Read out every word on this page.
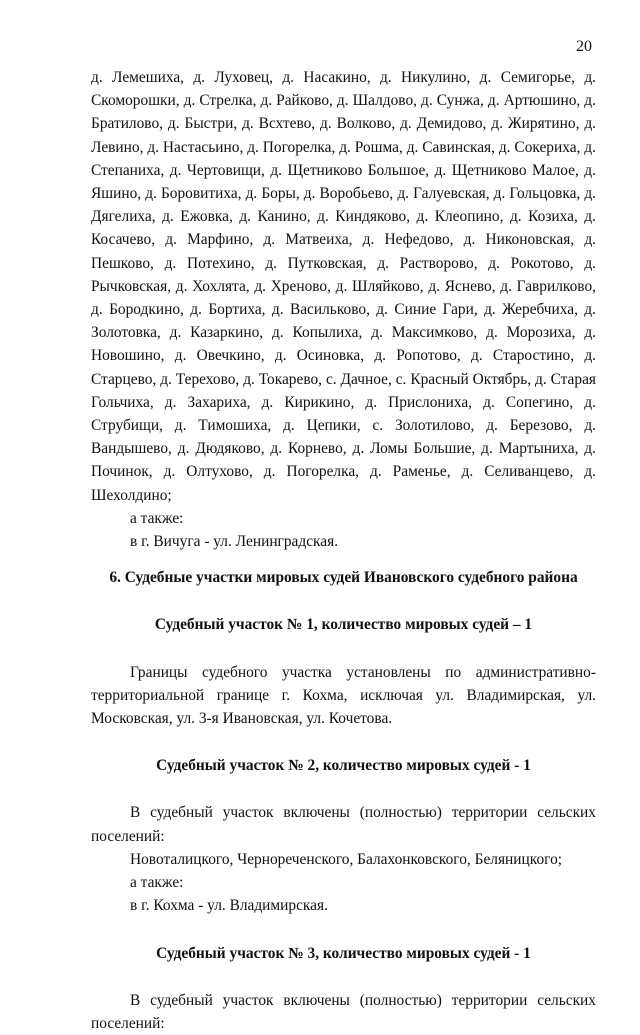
20

д. Лемешиха, д. Луховец, д. Насакино, д. Никулино, д. Семигорье, д. Скоморошки, д. Стрелка, д. Райково, д. Шалдово, д. Сунжа, д. Артюшино, д. Братилово, д. Быстри, д. Всхтево, д. Волково, д. Демидово, д. Жирятино, д. Левино, д. Настасьино, д. Погорелка, д. Рошма, д. Савинская, д. Сокериха, д. Степаниха, д. Чертовищи, д. Щетниково Большое, д. Щетниково Малое, д. Яшино, д. Боровитиха, д. Боры, д. Воробьево, д. Галуевская, д. Гольцовка, д. Дягелиха, д. Ежовка, д. Канино, д. Киндяково, д. Клеопино, д. Козиха, д. Косачево, д. Марфино, д. Матвеиха, д. Нефедово, д. Никоновская, д. Пешково, д. Потехино, д. Путковская, д. Растворово, д. Рокотово, д. Рычковская, д. Хохлята, д. Хреново, д. Шляйково, д. Яснево, д. Гаврилково, д. Бородкино, д. Бортиха, д. Васильково, д. Синие Гари, д. Жеребчиха, д. Золотовка, д. Казаркино, д. Копылиха, д. Максимково, д. Морозиха, д. Новошино, д. Овечкино, д. Осиновка, д. Ропотово, д. Старостино, д. Старцево, д. Терехово, д. Токарево, с. Дачное, с. Красный Октябрь, д. Старая Гольчиха, д. Захариха, д. Кирикино, д. Прислониха, д. Сопегино, д. Струбищи, д. Тимошиха, д. Цепики, с. Золотилово, д. Березово, д. Вандышево, д. Дюдяково, д. Корнево, д. Ломы Большие, д. Мартыниха, д. Починок, д. Олтухово, д. Погорелка, д. Раменье, д. Селиванцево, д. Шехолдино;

а также:

в г. Вичуга - ул. Ленинградская.

6. Судебные участки мировых судей Ивановского судебного района

Судебный участок № 1, количество мировых судей – 1

Границы судебного участка установлены по административно-территориальной границе г. Кохма, исключая ул. Владимирская, ул. Московская, ул. 3-я Ивановская, ул. Кочетова.

Судебный участок № 2, количество мировых судей - 1

В судебный участок включены (полностью) территории сельских поселений:

Новоталицкого, Чернореченского, Балахонковского, Беляницкого;

а также:

в г. Кохма - ул. Владимирская.

Судебный участок № 3, количество мировых судей - 1

В судебный участок включены (полностью) территории сельских поселений:
